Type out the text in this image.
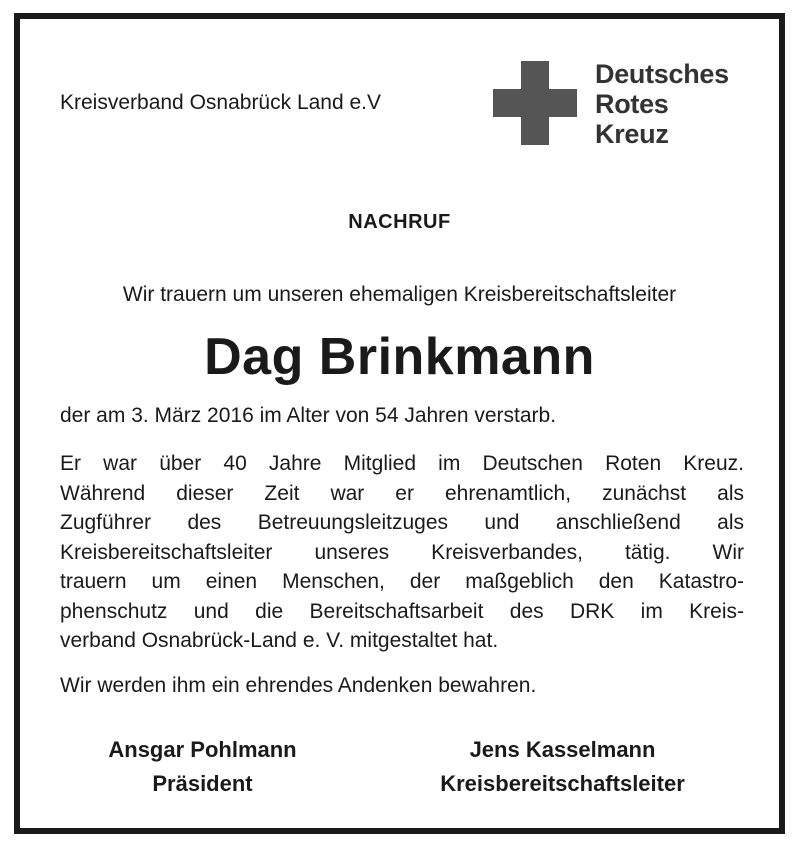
Kreisverband Osnabrück Land e.V
Deutsches
Rotes
Kreuz
NACHRUF
Wir trauern um unseren ehemaligen Kreisbereitschaftsleiter
Dag Brinkmann
der am 3. März 2016 im Alter von 54 Jahren verstarb.
Er war über 40 Jahre Mitglied im Deutschen Roten Kreuz.
Während dieser Zeit war er ehrenamtlich, zunächst als
Zugführer des Betreuungsleitzuges und anschließend als
Kreisbereitschaftsleiter unseres Kreisverbandes, tätig. Wir
trauern um einen Menschen, der maßgeblich den Katastro-
phenschutz und die Bereitschaftsarbeit des DRK im Kreis-
verband Osnabrück-Land e. V. mitgestaltet hat.
Wir werden ihm ein ehrendes Andenken bewahren.
Ansgar Pohlmann
Präsident
Jens Kasselmann
Kreisbereitschaftsleiter
